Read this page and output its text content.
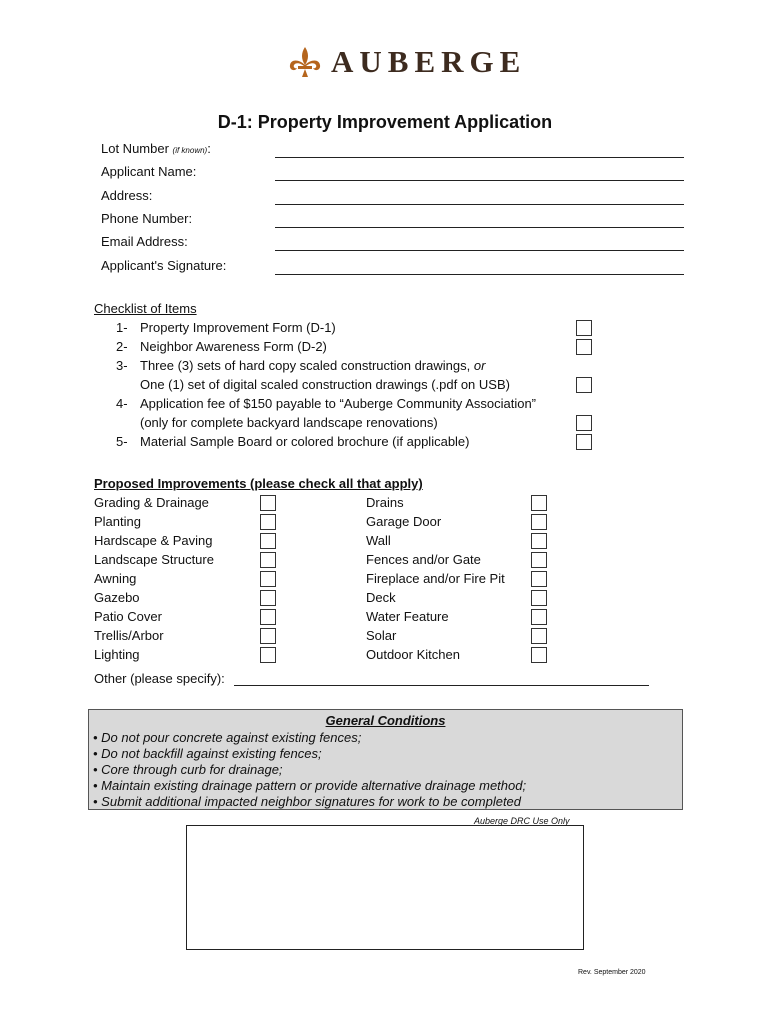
AUBERGE
D-1: Property Improvement Application
Lot Number (if known):
Applicant Name:
Address:
Phone Number:
Email Address:
Applicant's Signature:
Checklist of Items
1- Property Improvement Form (D-1)
2- Neighbor Awareness Form (D-2)
3- Three (3) sets of hard copy scaled construction drawings, or
One (1) set of digital scaled construction drawings (.pdf on USB)
4- Application fee of $150 payable to “Auberge Community Association”
(only for complete backyard landscape renovations)
5- Material Sample Board or colored brochure (if applicable)
Proposed Improvements (please check all that apply)
Grading & Drainage
Planting
Hardscape & Paving
Landscape Structure
Awning
Gazebo
Patio Cover
Trellis/Arbor
Lighting
Drains
Garage Door
Wall
Fences and/or Gate
Fireplace and/or Fire Pit
Deck
Water Feature
Solar
Outdoor Kitchen
Other (please specify):
General Conditions
• Do not pour concrete against existing fences;
• Do not backfill against existing fences;
• Core through curb for drainage;
• Maintain existing drainage pattern or provide alternative drainage method;
• Submit additional impacted neighbor signatures for work to be completed
Auberge DRC Use Only
Rev. September 2020
